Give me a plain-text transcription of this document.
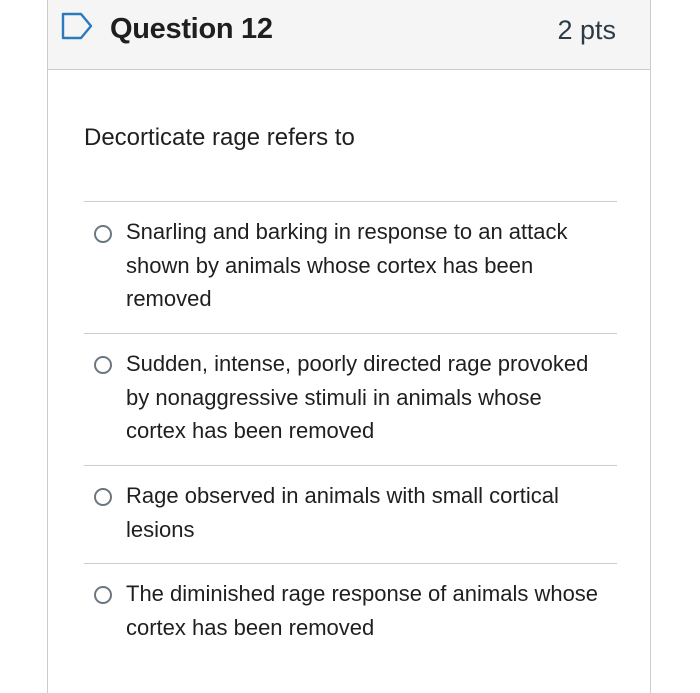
Question 12	2 pts
Decorticate rage refers to
Snarling and barking in response to an attack shown by animals whose cortex has been removed
Sudden, intense, poorly directed rage provoked by nonaggressive stimuli in animals whose cortex has been removed
Rage observed in animals with small cortical lesions
The diminished rage response of animals whose cortex has been removed
